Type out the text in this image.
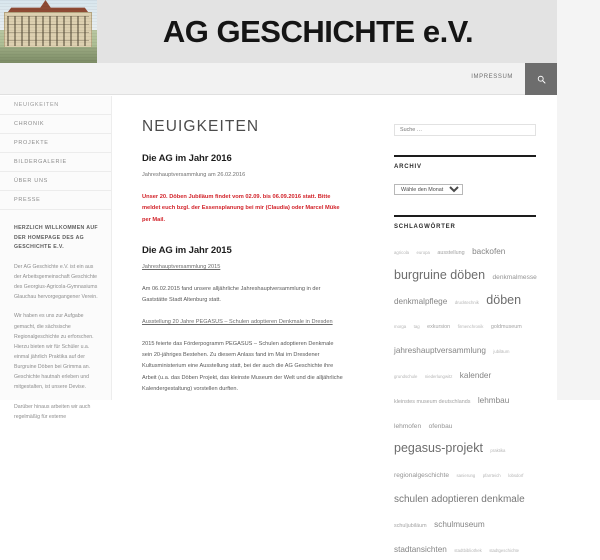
AG GESCHICHTE e.V.
IMPRESSUM
NEUIGKEITEN
CHRONIK
PROJEKTE
BILDERGALERIE
ÜBER UNS
PRESSE
HERZLICH WILLKOMMEN AUF DER HOMEPAGE DES AG GESCHICHTE E.V.

Der AG Geschichte e.V. ist ein aus der Arbeitsgemeinschaft Geschichte des Georgius-Agricola-Gymnasiums Glauchau hervorgegangener Verein.

Wir haben es uns zur Aufgabe gemacht, die sächsische Regionalgeschichte zu erforschen. Hierzu bieten wir für Schüler u.a. einmal jährlich Praktika auf der Burgruine Döben bei Grimma an. Geschichte hautnah erleben und mitgestalten, ist unsere Devise.

Darüber hinaus arbeiten wir auch regelmäßig für externe

NEUIGKEITEN
Die AG im Jahr 2016

Jahreshauptversammlung am 26.02.2016

Unser 20. Döben Jubiläum findet vom 02.09. bis 06.09.2016 statt. Bitte meldet euch bzgl. der Essensplanung bei mir (Claudia) oder Marcel Müke per Mail.

Die AG im Jahr 2015

Jahreshauptversammlung 2015

Am 06.02.2015 fand unsere alljährliche Jahreshauptversammlung in der Gaststätte Stadt Altenburg statt.

Ausstellung 20 Jahre PEGASUS – Schulen adoptieren Denkmale in Dresden

2015 feierte das Förderpogramm PEGASUS – Schulen adoptieren Denkmale sein 20-jähriges Bestehen. Zu diesem Anlass fand im Mai im Dresdener Kultusministerium eine Ausstellung statt, bei der auch die AG Geschichte ihre Arbeit (u.a. das Döben Projekt, das kleinste Museum der Welt und die alljährliche Kalendergestaltung) vorstellen durften.

Suche …
ARCHIV
Wähle den Monat
SCHLAGWÖRTER
agricola europa ausstellung backofen burgruine döben denkmalmesse denkmalpflege drucktechnik döben morga tag exkursion firmenchronik goldmuseum jahreshauptversammlung jubiläum grundschule niederlungwitz kalender kleinstes museum deutschlands lehmbau lehmofen ofenbau pegasus-projekt praktika regionalgeschichte sanierung pfarrteich lobsdorf schulen adoptieren denkmale schuljubiläum schulmuseum stadtansichten stadtbibliothek stadtgeschichte
